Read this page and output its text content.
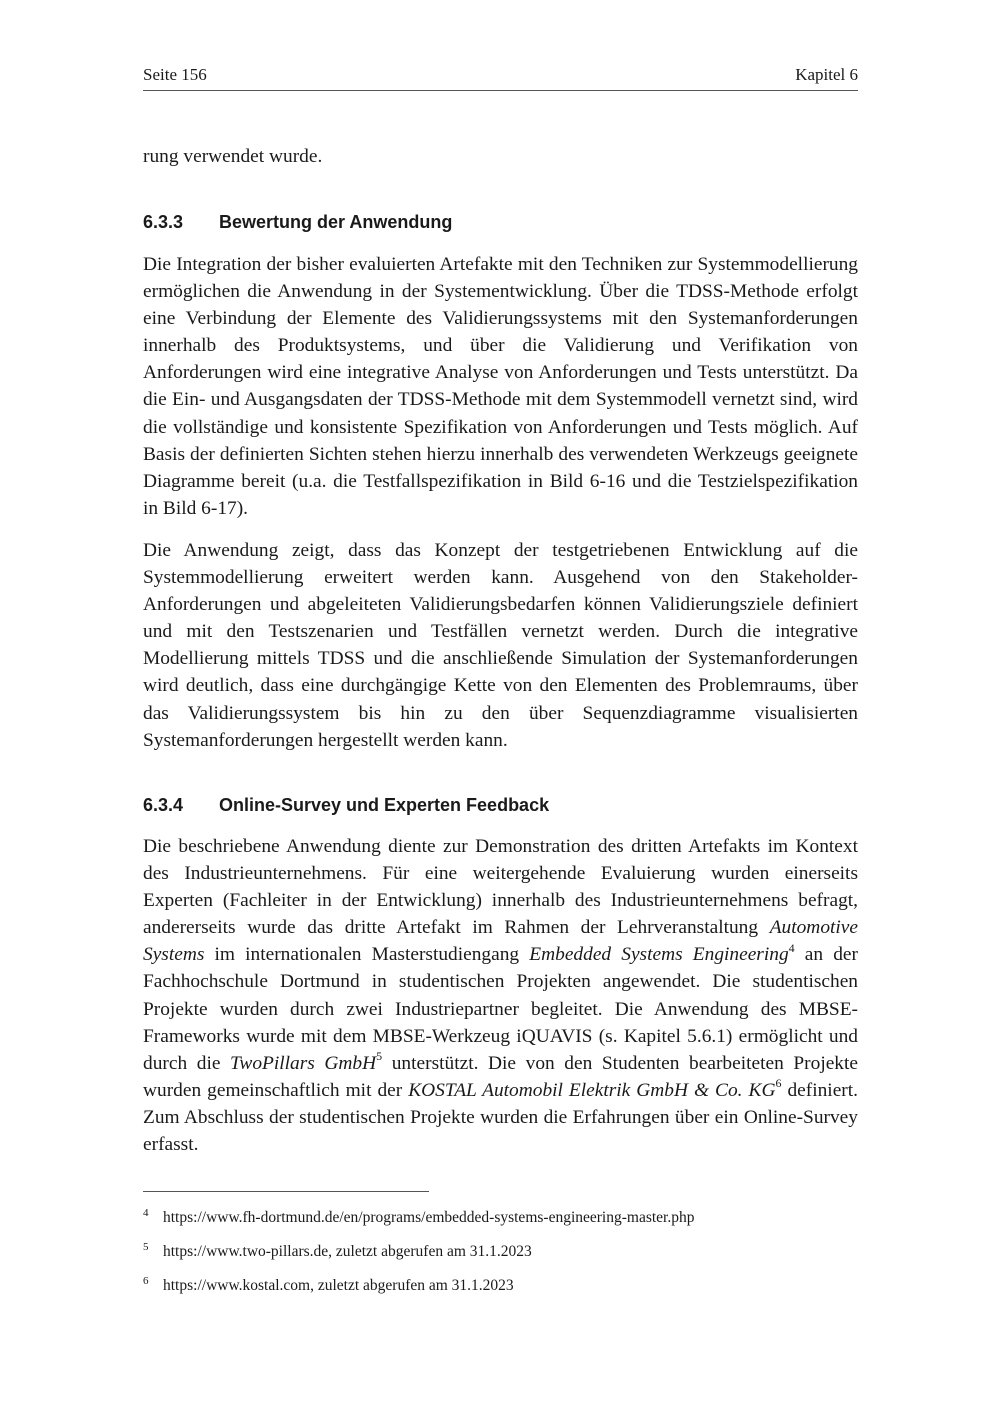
Seite 156	Kapitel 6

rung verwendet wurde.

6.3.3 Bewertung der Anwendung

Die Integration der bisher evaluierten Artefakte mit den Techniken zur Systemmodellierung ermöglichen die Anwendung in der Systementwicklung. Über die TDSS-Methode erfolgt eine Verbindung der Elemente des Validierungssystems mit den Systemanforderungen innerhalb des Produktsystems, und über die Validierung und Verifikation von Anforderungen wird eine integrative Analyse von Anforderungen und Tests unterstützt. Da die Ein- und Ausgangsdaten der TDSS-Methode mit dem Systemmodell vernetzt sind, wird die vollständige und konsistente Spezifikation von Anforderungen und Tests möglich. Auf Basis der definierten Sichten stehen hierzu innerhalb des verwendeten Werkzeugs geeignete Diagramme bereit (u.a. die Testfallspezifikation in Bild 6-16 und die Testzielspezifikation in Bild 6-17).

Die Anwendung zeigt, dass das Konzept der testgetriebenen Entwicklung auf die Systemmodellierung erweitert werden kann. Ausgehend von den Stakeholder-Anforderungen und abgeleiteten Validierungsbedarfen können Validierungsziele definiert und mit den Testszenarien und Testfällen vernetzt werden. Durch die integrative Modellierung mittels TDSS und die anschließende Simulation der Systemanforderungen wird deutlich, dass eine durchgängige Kette von den Elementen des Problemraums, über das Validierungssystem bis hin zu den über Sequenzdiagramme visualisierten Systemanforderungen hergestellt werden kann.

6.3.4 Online-Survey und Experten Feedback

Die beschriebene Anwendung diente zur Demonstration des dritten Artefakts im Kontext des Industrieunternehmens. Für eine weitergehende Evaluierung wurden einerseits Experten (Fachleiter in der Entwicklung) innerhalb des Industrieunternehmens befragt, andererseits wurde das dritte Artefakt im Rahmen der Lehrveranstaltung Automotive Systems im internationalen Masterstudiengang Embedded Systems Engineering$^4$ an der Fachhochschule Dortmund in studentischen Projekten angewendet. Die studentischen Projekte wurden durch zwei Industriepartner begleitet. Die Anwendung des MBSE-Frameworks wurde mit dem MBSE-Werkzeug iQUAVIS (s. Kapitel 5.6.1) ermöglicht und durch die TwoPillars GmbH$^5$ unterstützt. Die von den Studenten bearbeiteten Projekte wurden gemeinschaftlich mit der KOSTAL Automobil Elektrik GmbH & Co. $KG^6$ definiert. Zum Abschluss der studentischen Projekte wurden die Erfahrungen über ein Online-Survey erfasst.

4 https://www.fh-dortmund.de/en/programs/embedded-systems-engineering-master.php
5 https://www.two-pillars.de, zuletzt abgerufen am 31.1.2023
6 https://www.kostal.com, zuletzt abgerufen am 31.1.2023
